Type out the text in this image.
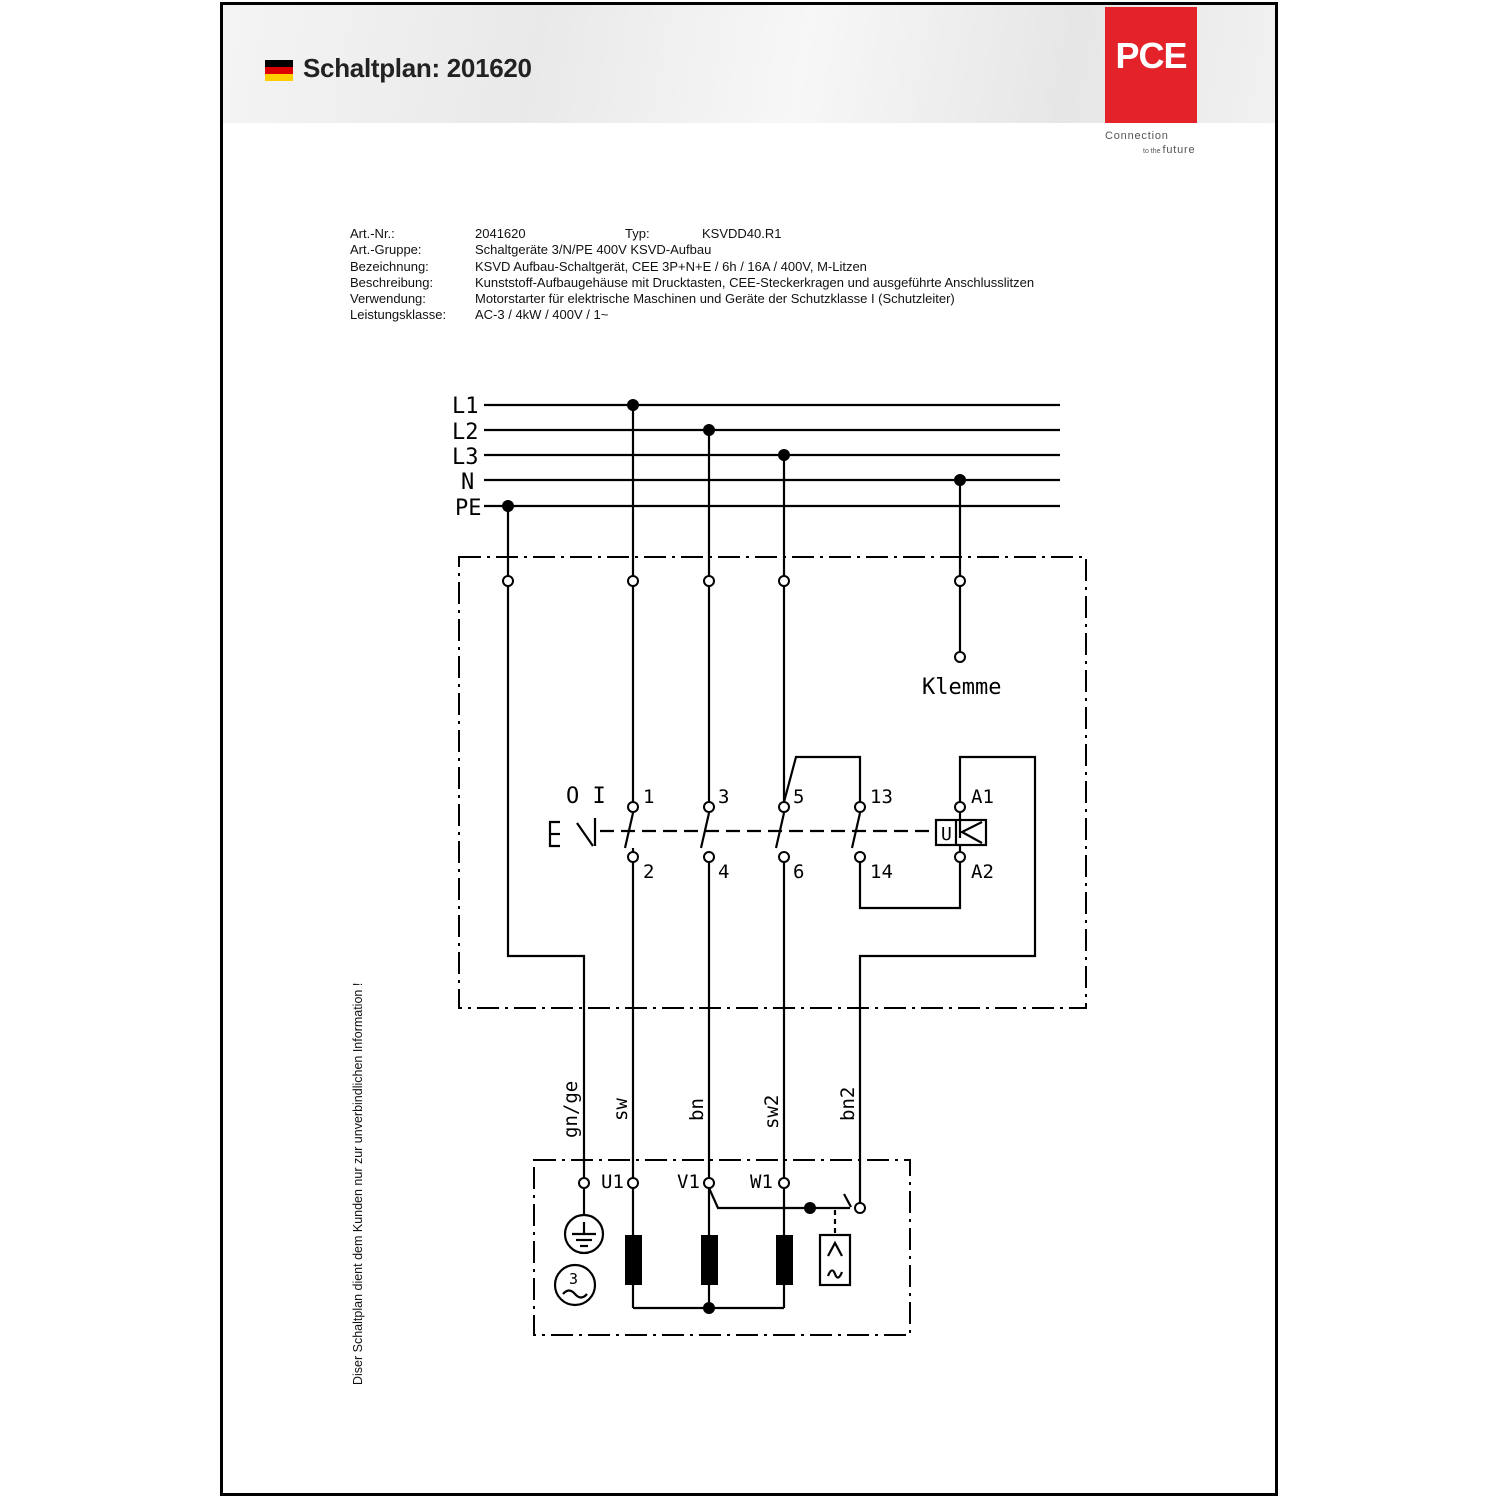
Schaltplan: 201620	PCE
Connection
to the future
Art.-Nr.:	2041620	Typ:	KSVDD40.R1
Art.-Gruppe:	Schaltgeräte 3/N/PE 400V KSVD-Aufbau
Bezeichnung:	KSVD Aufbau-Schaltgerät, CEE 3P+N+E / 6h / 16A / 400V, M-Litzen
Beschreibung:	Kunststoff-Aufbaugehäuse mit Drucktasten, CEE-Steckerkragen und ausgeführte Anschlusslitzen
Verwendung:	Motorstarter für elektrische Maschinen und Geräte der Schutzklasse I (Schutzleiter)
Leistungsklasse: AC-3 / 4kW / 400V / 1~
Diser Schaltplan dient dem Kunden nur zur unverbindlichen Information !
L1
L2
L3
N
PE
Klemme
O I 1	3	5	13	A1
2	4	6	14	A2
U
gn/ge sw	bn	sw2	bn2
U1	V1	W1
3
